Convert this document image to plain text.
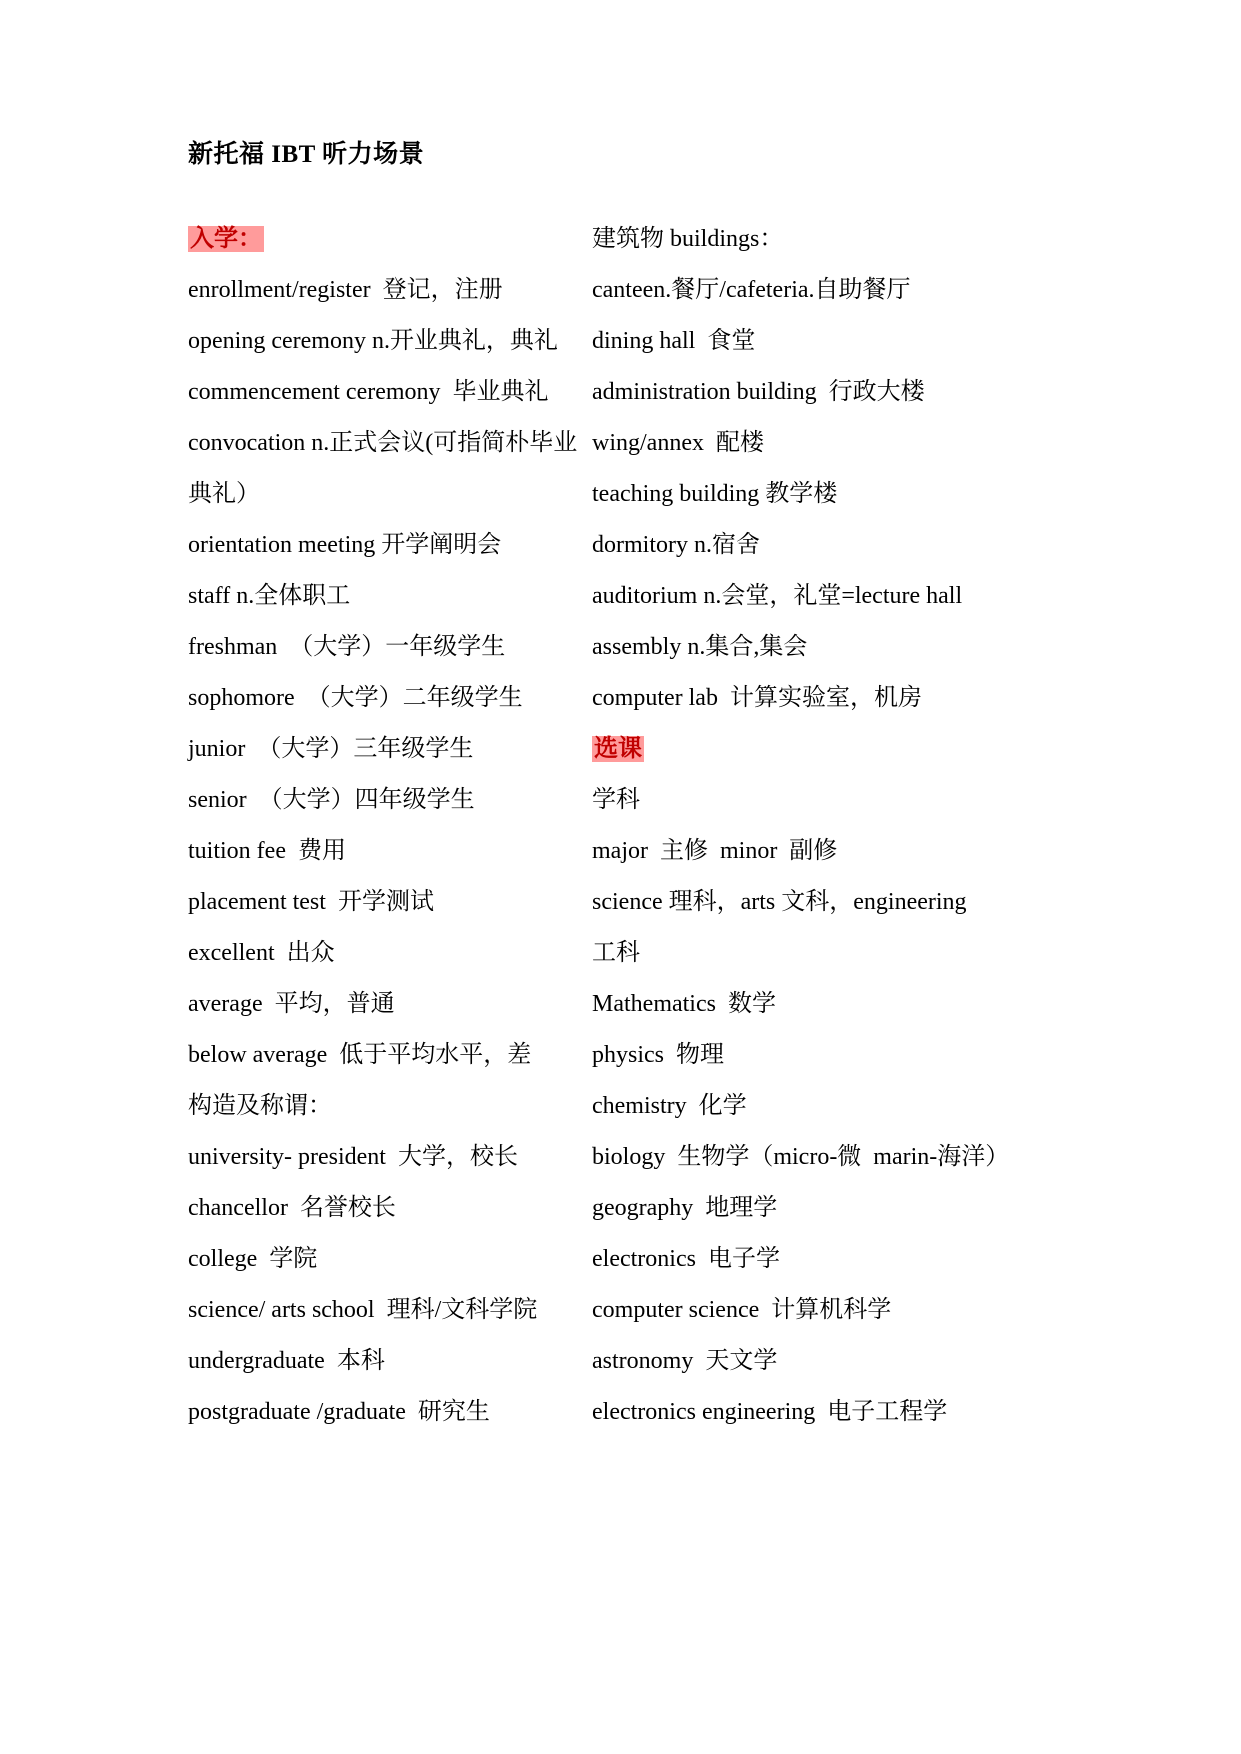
新托福 IBT 听力场景
入学：
enrollment/register  登记，注册
opening ceremony n.开业典礼，典礼
commencement ceremony  毕业典礼
convocation n.正式会议(可指简朴毕业
典礼）
orientation meeting 开学阐明会
staff n.全体职工
freshman  （大学）一年级学生
sophomore  （大学）二年级学生
junior  （大学）三年级学生
senior  （大学）四年级学生
tuition fee  费用
placement test  开学测试
excellent  出众
average  平均，普通
below average  低于平均水平，差
构造及称谓：
university- president  大学，校长
chancellor  名誉校长
college  学院
science/ arts school  理科/文科学院
undergraduate  本科
postgraduate /graduate  研究生
建筑物 buildings：
canteen.餐厅/cafeteria.自助餐厅
dining hall  食堂
administration building  行政大楼
wing/annex  配楼
teaching building 教学楼
dormitory n.宿舍
auditorium n.会堂，礼堂=lecture hall
assembly n.集合,集会
computer lab  计算实验室，机房
选课
学科
major  主修  minor  副修
science 理科，arts 文科，engineering
工科
Mathematics  数学
physics  物理
chemistry  化学
biology  生物学（micro-微  marin-海洋）
geography  地理学
electronics  电子学
computer science  计算机科学
astronomy  天文学
electronics engineering  电子工程学
